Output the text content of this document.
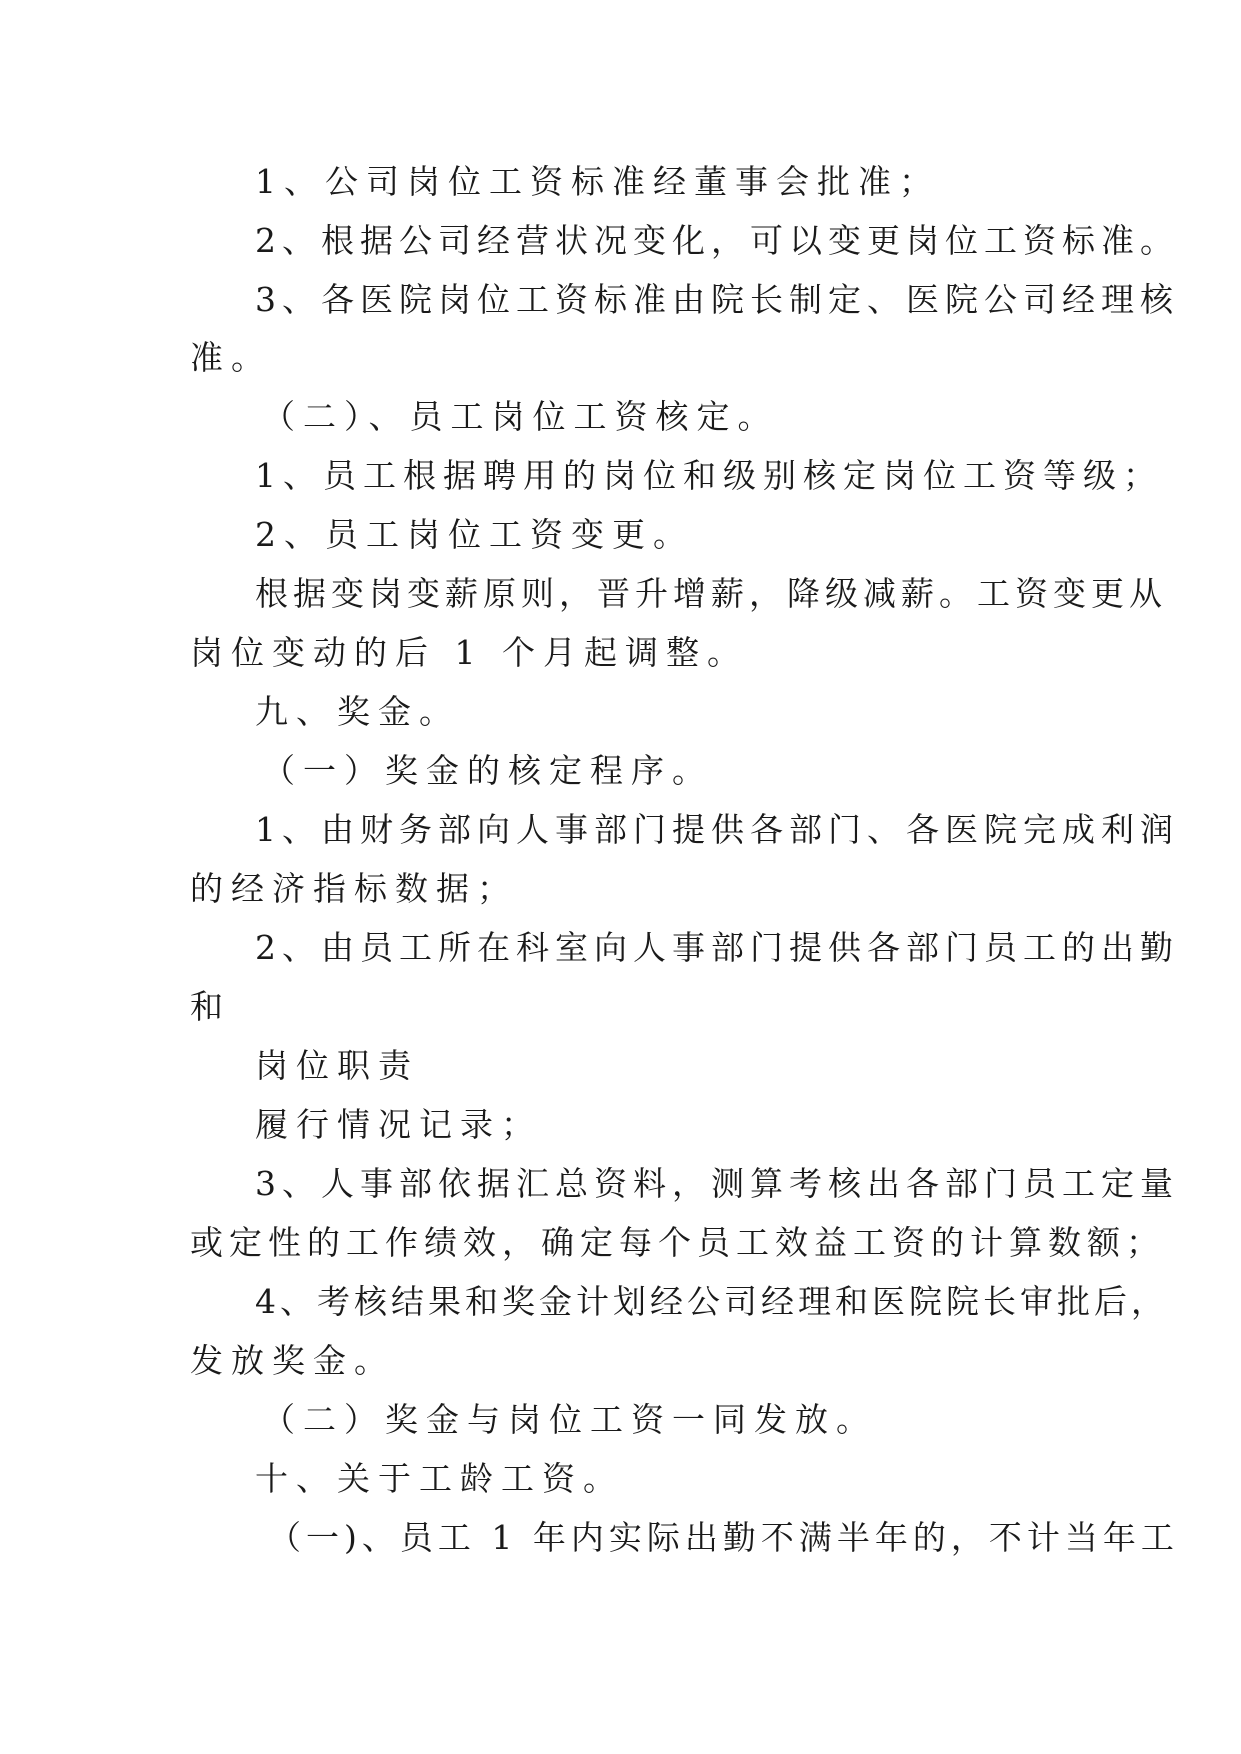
1、公司岗位工资标准经董事会批准；
2、根据公司经营状况变化，可以变更岗位工资标准。
3、各医院岗位工资标准由院长制定、医院公司经理核
准。
（二）、员工岗位工资核定。
1、员工根据聘用的岗位和级别核定岗位工资等级；
2、员工岗位工资变更。
根据变岗变薪原则，晋升增薪，降级减薪。工资变更从
岗位变动的后 1 个月起调整。
九、奖金。
（一）奖金的核定程序。
1、由财务部向人事部门提供各部门、各医院完成利润
的经济指标数据；
2、由员工所在科室向人事部门提供各部门员工的出勤
和
岗位职责
履行情况记录；
3、人事部依据汇总资料，测算考核出各部门员工定量
或定性的工作绩效，确定每个员工效益工资的计算数额；
4、考核结果和奖金计划经公司经理和医院院长审批后，
发放奖金。
（二）奖金与岗位工资一同发放。
十、关于工龄工资。
（一)、员工 1 年内实际出勤不满半年的，不计当年工
